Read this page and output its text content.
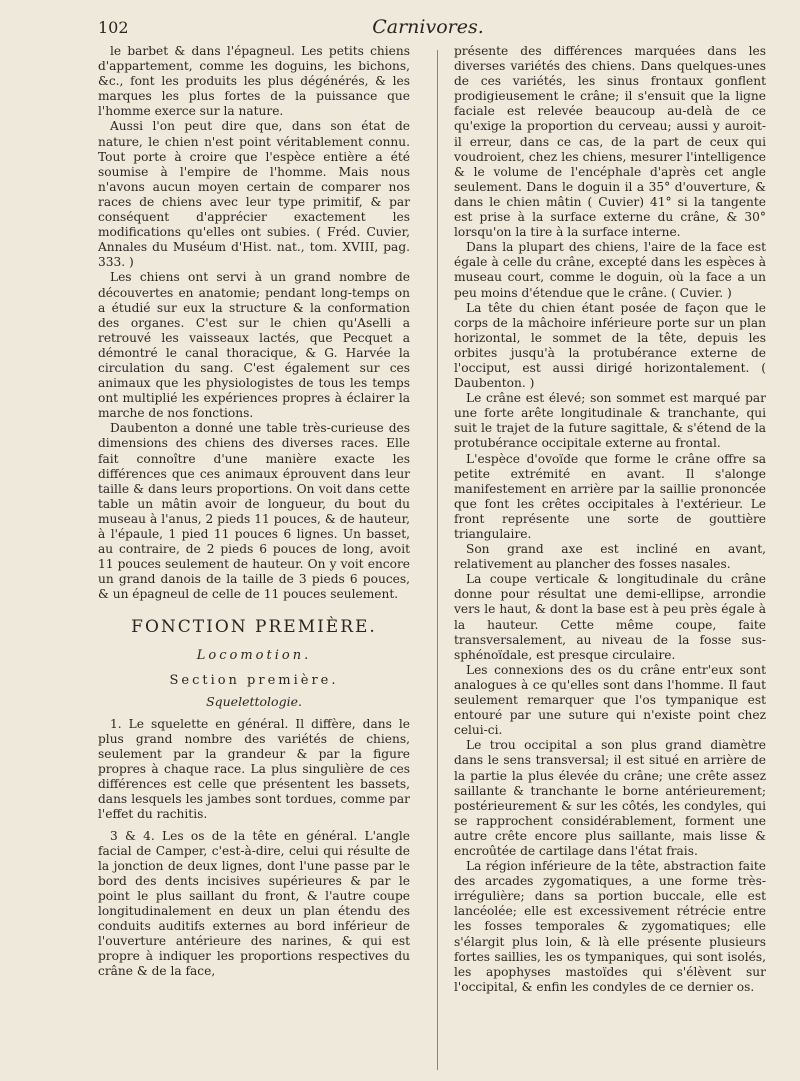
102	Carnivores.

le barbet & dans l'épagneul. Les petits chiens d'appartement, comme les doguins, les bichons, &c., font les produits les plus dégénérés, & les marques les plus fortes de la puissance que l'homme exerce sur la nature.

Aussi l'on peut dire que, dans son état de nature, le chien n'est point véritablement connu. Tout porte à croire que l'espèce entière a été soumise à l'empire de l'homme. Mais nous n'avons aucun moyen certain de comparer nos races de chiens avec leur type primitif, & par conséquent d'apprécier exactement les modifications qu'elles ont subies. ( Fréd. Cuvier, Annales du Muséum d'Hist. nat., tom. XVIII, pag. 333. )

Les chiens ont servi à un grand nombre de découvertes en anatomie; pendant long-temps on a étudié sur eux la structure & la conformation des organes. C'est sur le chien qu'Aselli a retrouvé les vaisseaux lactés, que Pecquet a démontré le canal thoracique, & G. Harvée la circulation du sang. C'est également sur ces animaux que les physiologistes de tous les temps ont multiplié les expériences propres à éclairer la marche de nos fonctions.

Daubenton a donné une table très-curieuse des dimensions des chiens des diverses races. Elle fait connoître d'une manière exacte les différences que ces animaux éprouvent dans leur taille & dans leurs proportions. On voit dans cette table un mâtin avoir de longueur, du bout du museau à l'anus, 2 pieds 11 pouces, & de hauteur, à l'épaule, 1 pied 11 pouces 6 lignes. Un basset, au contraire, de 2 pieds 6 pouces de long, avoit 11 pouces seulement de hauteur. On y voit encore un grand danois de la taille de 3 pieds 6 pouces, & un épagneul de celle de 11 pouces seulement.

FONCTION PREMIÈRE.
Locomotion.
Section première.
Squelettologie.

1. Le squelette en général. Il diffère, dans le plus grand nombre des variétés de chiens, seulement par la grandeur & par la figure propres à chaque race. La plus singulière de ces différences est celle que présentent les bassets, dans lesquels les jambes sont tordues, comme par l'effet du rachitis.

3 & 4. Les os de la tête en général. L'angle facial de Camper, c'est-à-dire, celui qui résulte de la jonction de deux lignes, dont l'une passe par le bord des dents incisives supérieures & par le point le plus saillant du front, & l'autre coupe longitudinalement en deux un plan étendu des conduits auditifs externes au bord inférieur de l'ouverture antérieure des narines, & qui est propre à indiquer les proportions respectives du crâne & de la face,

présente des différences marquées dans les diverses variétés des chiens. Dans quelques-unes de ces variétés, les sinus frontaux gonflent prodigieusement le crâne; il s'ensuit que la ligne faciale est relevée beaucoup au-delà de ce qu'exige la proportion du cerveau; aussi y auroit-il erreur, dans ce cas, de la part de ceux qui voudroient, chez les chiens, mesurer l'intelligence & le volume de l'encéphale d'après cet angle seulement. Dans le doguin il a 35° d'ouverture, & dans le chien mâtin ( Cuvier) 41° si la tangente est prise à la surface externe du crâne, & 30° lorsqu'on la tire à la surface interne.

Dans la plupart des chiens, l'aire de la face est égale à celle du crâne, excepté dans les espèces à museau court, comme le doguin, où la face a un peu moins d'étendue que le crâne. ( Cuvier. )

La tête du chien étant posée de façon que le corps de la mâchoire inférieure porte sur un plan horizontal, le sommet de la tête, depuis les orbites jusqu'à la protubérance externe de l'occiput, est aussi dirigé horizontalement. ( Daubenton. )

Le crâne est élevé; son sommet est marqué par une forte arête longitudinale & tranchante, qui suit le trajet de la future sagittale, & s'étend de la protubérance occipitale externe au frontal.

L'espèce d'ovoïde que forme le crâne offre sa petite extrémité en avant. Il s'alonge manifestement en arrière par la saillie prononcée que font les crêtes occipitales à l'extérieur. Le front représente une sorte de gouttière triangulaire.

Son grand axe est incliné en avant, relativement au plancher des fosses nasales.

La coupe verticale & longitudinale du crâne donne pour résultat une demi-ellipse, arrondie vers le haut, & dont la base est à peu près égale à la hauteur. Cette même coupe, faite transversalement, au niveau de la fosse sus-sphénoïdale, est presque circulaire.

Les connexions des os du crâne entr'eux sont analogues à ce qu'elles sont dans l'homme. Il faut seulement remarquer que l'os tympanique est entouré par une suture qui n'existe point chez celui-ci.

Le trou occipital a son plus grand diamètre dans le sens transversal; il est situé en arrière de la partie la plus élevée du crâne; une crête assez saillante & tranchante le borne antérieurement; postérieurement & sur les côtés, les condyles, qui se rapprochent considérablement, forment une autre crête encore plus saillante, mais lisse & encroûtée de cartilage dans l'état frais.

La région inférieure de la tête, abstraction faite des arcades zygomatiques, a une forme très-irrégulière; dans sa portion buccale, elle est lancéolée; elle est excessivement rétrécie entre les fosses temporales & zygomatiques; elle s'élargit plus loin, & là elle présente plusieurs fortes saillies, les os tympaniques, qui sont isolés, les apophyses mastoïdes qui s'élèvent sur l'occipital, & enfin les condyles de ce dernier os.
